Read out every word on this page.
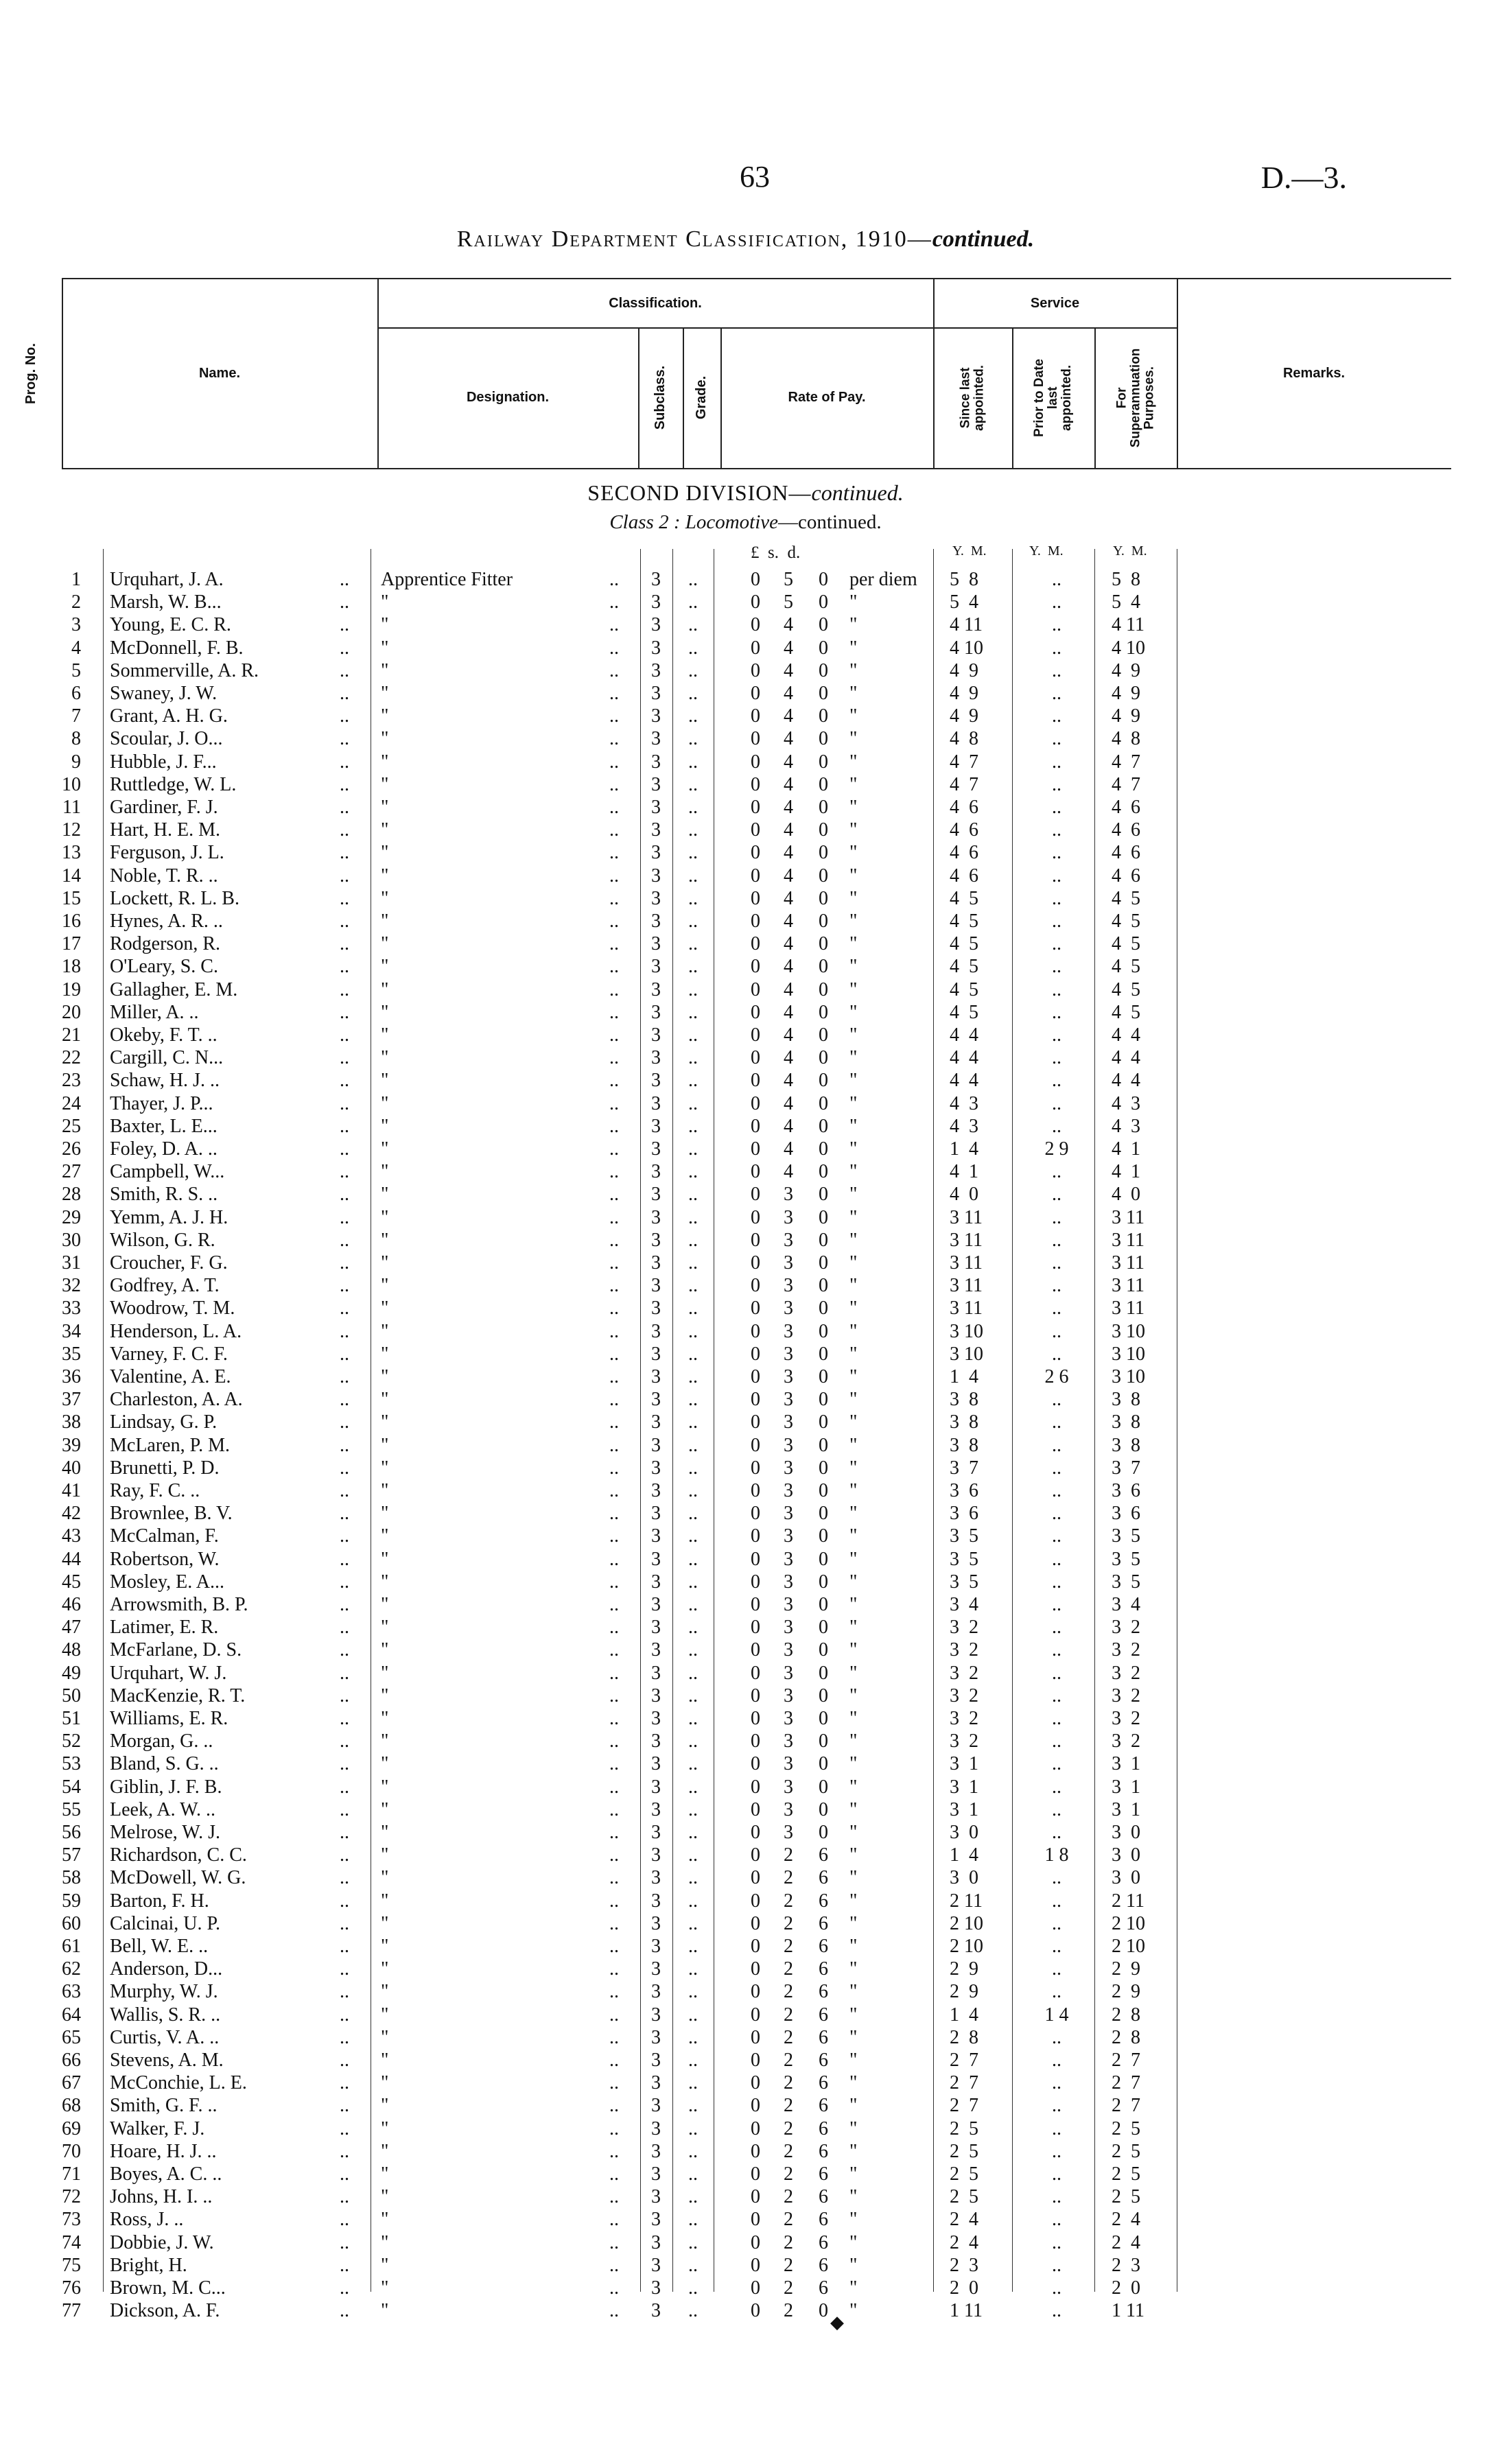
63	D.—3.
Railway Department Classification, 1910—continued.
Prog. No.	Name.
Classification.	Service
Designation.	Subclass. Grade.	Rate of Pay.	Since last appointed.	Prior to Date last appointed.	For Superannuation Purposes.	Remarks.
SECOND DIVISION—continued.
Class 2 : Locomotive—continued.
£  s.  d.	Y.  M.	Y.  M.	Y.  M.
1 Urquhart, J. A.	.. Apprentice Fitter	.. 3 ..	0	5 0 per diem 5  8	..	5  8
2 Marsh, W. B...	.. "	.. 3 ..	0	5 0 "	5  4	..	5  4
3 Young, E. C. R.	.. "	.. 3 ..	0	4 0 "	4 11	..	4 11
4 McDonnell, F. B.	.. "	.. 3 ..	0	4 0 "	4 10	..	4 10
5 Sommerville, A. R.	.. "	.. 3 ..	0	4 0 "	4  9	..	4  9
6 Swaney, J. W.	.. "	.. 3 ..	0	4 0 "	4  9	..	4  9
7 Grant, A. H. G.	.. "	.. 3 ..	0	4 0 "	4  9	..	4  9
8 Scoular, J. O...	.. "	.. 3 ..	0	4 0 "	4  8	..	4  8
9 Hubble, J. F...	.. "	.. 3 ..	0	4 0 "	4  7	..	4  7
10 Ruttledge, W. L.	.. "	.. 3 ..	0	4 0 "	4  7	..	4  7
11 Gardiner, F. J.	.. "	.. 3 ..	0	4 0 "	4  6	..	4  6
12 Hart, H. E. M.	.. "	.. 3 ..	0	4 0 "	4  6	..	4  6
13 Ferguson, J. L.	.. "	.. 3 ..	0	4 0 "	4  6	..	4  6
14 Noble, T. R. ..	.. "	.. 3 ..	0	4 0 "	4  6	..	4  6
15 Lockett, R. L. B.	.. "	.. 3 ..	0	4 0 "	4  5	..	4  5
16 Hynes, A. R. ..	.. "	.. 3 ..	0	4 0 "	4  5	..	4  5
17 Rodgerson, R.	.. "	.. 3 ..	0	4 0 "	4  5	..	4  5
18 O'Leary, S. C.	.. "	.. 3 ..	0	4 0 "	4  5	..	4  5
19 Gallagher, E. M.	.. "	.. 3 ..	0	4 0 "	4  5	..	4  5
20 Miller, A. ..	.. "	.. 3 ..	0	4 0 "	4  5	..	4  5
21 Okeby, F. T. ..	.. "	.. 3 ..	0	4 0 "	4  4	..	4  4
22 Cargill, C. N...	.. "	.. 3 ..	0	4 0 "	4  4	..	4  4
23 Schaw, H. J. ..	.. "	.. 3 ..	0	4 0 "	4  4	..	4  4
24 Thayer, J. P...	.. "	.. 3 ..	0	4 0 "	4  3	..	4  3
25 Baxter, L. E...	.. "	.. 3 ..	0	4 0 "	4  3	..	4  3
26 Foley, D. A. ..	.. "	.. 3 ..	0	4 0 "	1  4	2 9	4  1
27 Campbell, W...	.. "	.. 3 ..	0	4 0 "	4  1	..	4  1
28 Smith, R. S. ..	.. "	.. 3 ..	0	3 0 "	4  0	..	4  0
29 Yemm, A. J. H.	.. "	.. 3 ..	0	3 0 "	3 11	..	3 11
30 Wilson, G. R.	.. "	.. 3 ..	0	3 0 "	3 11	..	3 11
31 Croucher, F. G.	.. "	.. 3 ..	0	3 0 "	3 11	..	3 11
32 Godfrey, A. T.	.. "	.. 3 ..	0	3 0 "	3 11	..	3 11
33 Woodrow, T. M.	.. "	.. 3 ..	0	3 0 "	3 11	..	3 11
34 Henderson, L. A.	.. "	.. 3 ..	0	3 0 "	3 10	..	3 10
35 Varney, F. C. F.	.. "	.. 3 ..	0	3 0 "	3 10	..	3 10
36 Valentine, A. E.	.. "	.. 3 ..	0	3 0 "	1  4	2 6	3 10
37 Charleston, A. A.	.. "	.. 3 ..	0	3 0 "	3  8	..	3  8
38 Lindsay, G. P.	.. "	.. 3 ..	0	3 0 "	3  8	..	3  8
39 McLaren, P. M.	.. "	.. 3 ..	0	3 0 "	3  8	..	3  8
40 Brunetti, P. D.	.. "	.. 3 ..	0	3 0 "	3  7	..	3  7
41 Ray, F. C. ..	.. "	.. 3 ..	0	3 0 "	3  6	..	3  6
42 Brownlee, B. V.	.. "	.. 3 ..	0	3 0 "	3  6	..	3  6
43 McCalman, F.	.. "	.. 3 ..	0	3 0 "	3  5	..	3  5
44 Robertson, W.	.. "	.. 3 ..	0	3 0 "	3  5	..	3  5
45 Mosley, E. A...	.. "	.. 3 ..	0	3 0 "	3  5	..	3  5
46 Arrowsmith, B. P.	.. "	.. 3 ..	0	3 0 "	3  4	..	3  4
47 Latimer, E. R.	.. "	.. 3 ..	0	3 0 "	3  2	..	3  2
48 McFarlane, D. S.	.. "	.. 3 ..	0	3 0 "	3  2	..	3  2
49 Urquhart, W. J.	.. "	.. 3 ..	0	3 0 "	3  2	..	3  2
50 MacKenzie, R. T.	.. "	.. 3 ..	0	3 0 "	3  2	..	3  2
51 Williams, E. R.	.. "	.. 3 ..	0	3 0 "	3  2	..	3  2
52 Morgan, G. ..	.. "	.. 3 ..	0	3 0 "	3  2	..	3  2
53 Bland, S. G. ..	.. "	.. 3 ..	0	3 0 "	3  1	..	3  1
54 Giblin, J. F. B.	.. "	.. 3 ..	0	3 0 "	3  1	..	3  1
55 Leek, A. W. ..	.. "	.. 3 ..	0	3 0 "	3  1	..	3  1
56 Melrose, W. J.	.. "	.. 3 ..	0	3 0 "	3  0	..	3  0
57 Richardson, C. C.	.. "	.. 3 ..	0	2 6 "	1  4	1 8	3  0
58 McDowell, W. G.	.. "	.. 3 ..	0	2 6 "	3  0	..	3  0
59 Barton, F. H.	.. "	.. 3 ..	0	2 6 "	2 11	..	2 11
60 Calcinai, U. P.	.. "	.. 3 ..	0	2 6 "	2 10	..	2 10
61 Bell, W. E. ..	.. "	.. 3 ..	0	2 6 "	2 10	..	2 10
62 Anderson, D...	.. "	.. 3 ..	0	2 6 "	2  9	..	2  9
63 Murphy, W. J.	.. "	.. 3 ..	0	2 6 "	2  9	..	2  9
64 Wallis, S. R. ..	.. "	.. 3 ..	0	2 6 "	1  4	1 4	2  8
65 Curtis, V. A. ..	.. "	.. 3 ..	0	2 6 "	2  8	..	2  8
66 Stevens, A. M.	.. "	.. 3 ..	0	2 6 "	2  7	..	2  7
67 McConchie, L. E.	.. "	.. 3 ..	0	2 6 "	2  7	..	2  7
68 Smith, G. F. ..	.. "	.. 3 ..	0	2 6 "	2  7	..	2  7
69 Walker, F. J.	.. "	.. 3 ..	0	2 6 "	2  5	..	2  5
70 Hoare, H. J. ..	.. "	.. 3 ..	0	2 6 "	2  5	..	2  5
71 Boyes, A. C. ..	.. "	.. 3 ..	0	2 6 "	2  5	..	2  5
72 Johns, H. I. ..	.. "	.. 3 ..	0	2 6 "	2  5	..	2  5
73 Ross, J. ..	.. "	.. 3 ..	0	2 6 "	2  4	..	2  4
74 Dobbie, J. W.	.. "	.. 3 ..	0	2 6 "	2  4	..	2  4
75 Bright, H.	.. "	.. 3 ..	0	2 6 "	2  3	..	2  3
76 Brown, M. C...	.. "	.. 3 ..	0	2 6 "	2  0	..	2  0
77 Dickson, A. F.	.. "	.. 3 ..	0	2 0 "	1 11	..	1 11
◆
